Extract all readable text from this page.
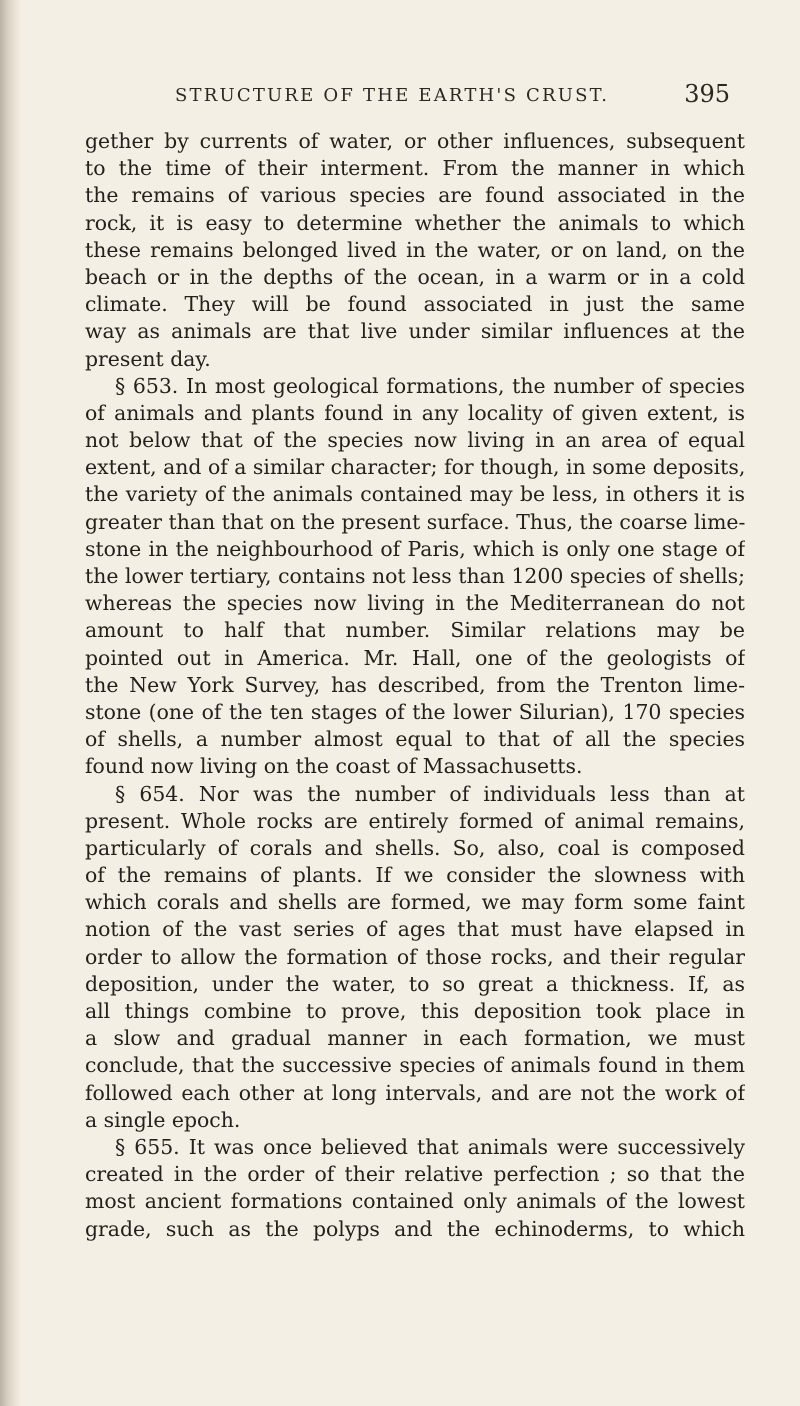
STRUCTURE OF THE EARTH'S CRUST.	395
gether by currents of water, or other influences, subsequent
to the time of their interment. From the manner in which
the remains of various species are found associated in the
rock, it is easy to determine whether the animals to which
these remains belonged lived in the water, or on land, on the
beach or in the depths of the ocean, in a warm or in a cold
climate. They will be found associated in just the same
way as animals are that live under similar influences at the
present day.
§ 653. In most geological formations, the number of species
of animals and plants found in any locality of given extent, is
not below that of the species now living in an area of equal
extent, and of a similar character; for though, in some deposits,
the variety of the animals contained may be less, in others it is
greater than that on the present surface. Thus, the coarse lime-
stone in the neighbourhood of Paris, which is only one stage of
the lower tertiary, contains not less than 1200 species of shells;
whereas the species now living in the Mediterranean do not
amount to half that number. Similar relations may be
pointed out in America. Mr. Hall, one of the geologists of
the New York Survey, has described, from the Trenton lime-
stone (one of the ten stages of the lower Silurian), 170 species
of shells, a number almost equal to that of all the species
found now living on the coast of Massachusetts.
§ 654. Nor was the number of individuals less than at
present. Whole rocks are entirely formed of animal remains,
particularly of corals and shells. So, also, coal is composed
of the remains of plants. If we consider the slowness with
which corals and shells are formed, we may form some faint
notion of the vast series of ages that must have elapsed in
order to allow the formation of those rocks, and their regular
deposition, under the water, to so great a thickness. If, as
all things combine to prove, this deposition took place in
a slow and gradual manner in each formation, we must
conclude, that the successive species of animals found in them
followed each other at long intervals, and are not the work of
a single epoch.
§ 655. It was once believed that animals were successively
created in the order of their relative perfection ; so that the
most ancient formations contained only animals of the lowest
grade, such as the polyps and the echinoderms, to which
